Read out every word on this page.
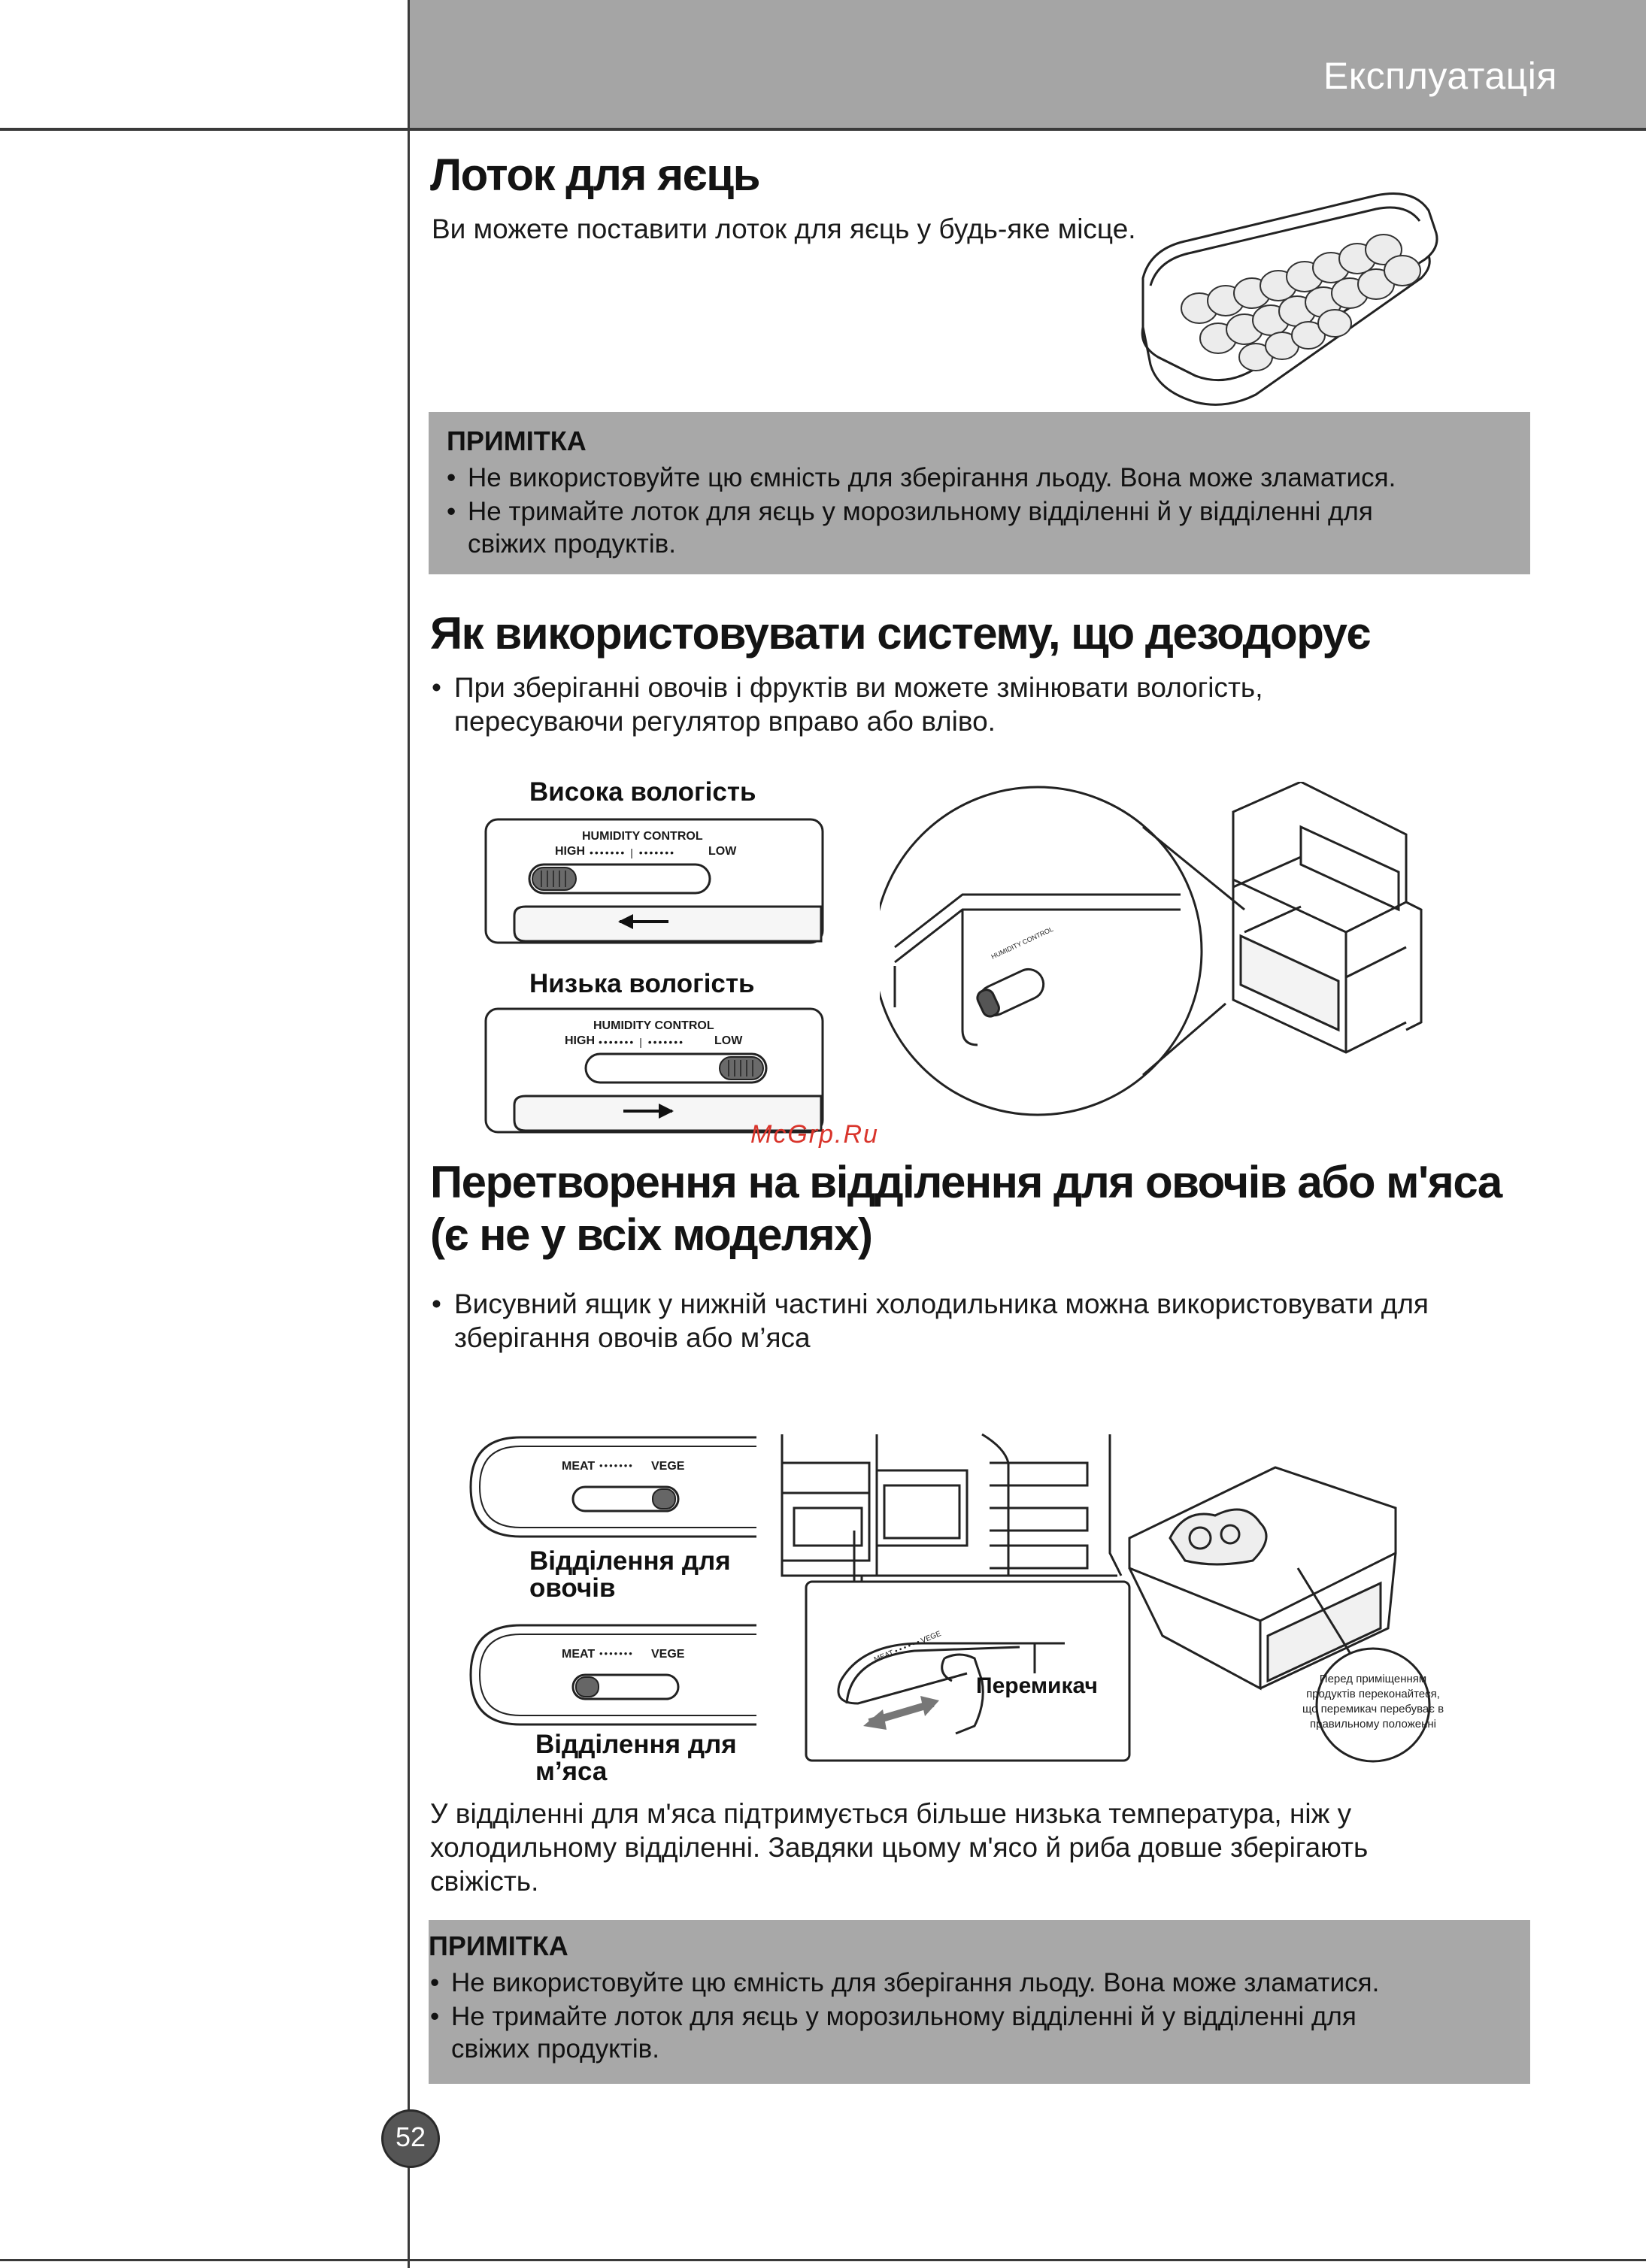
Експлуатація
Лоток для яєць
Ви можете поставити лоток для яєць у будь-яке місце.
ПРИМІТКА
• Не використовуйте цю ємність для зберігання льоду. Вона може зламатися.
• Не тримайте лоток для яєць у морозильному відділенні й у відділенні для
свіжих продуктів.
Як використовувати систему, що дезодорує
• При зберіганні овочів і фруктів ви можете змінювати вологість,
пересуваючи регулятор вправо або вліво.
Висока вологість
HUMIDITY CONTROL
HIGH	LOW
••••••• | •••••••
Низька вологість
HUMIDITY CONTROL
HIGH	LOW
••••••• | •••••••
HUMIDITY CONTROL
McGrp.Ru
Перетворення на відділення для овочів або м'яса
(є не у всіх моделях)
• Висувний ящик у нижній частині холодильника можна використовувати для
зберігання овочів або м’яса
MEAT ••••••• VEGE
Відділення для
овочів
MEAT ••••••• VEGE
Відділення для
м’яса
MEAT • • • • • • VEGE
Перемикач	Перед приміщенням
продуктів переконайтеся,
що перемикач перебуває в
правильному положенні
У відділенні для м'яса підтримується більше низька температура, ніж у
холодильному відділенні. Завдяки цьому м'ясо й риба довше зберігають
свіжість.
ПРИМІТКА
• Не використовуйте цю ємність для зберігання льоду. Вона може зламатися.
• Не тримайте лоток для яєць у морозильному відділенні й у відділенні для
свіжих продуктів.
52
